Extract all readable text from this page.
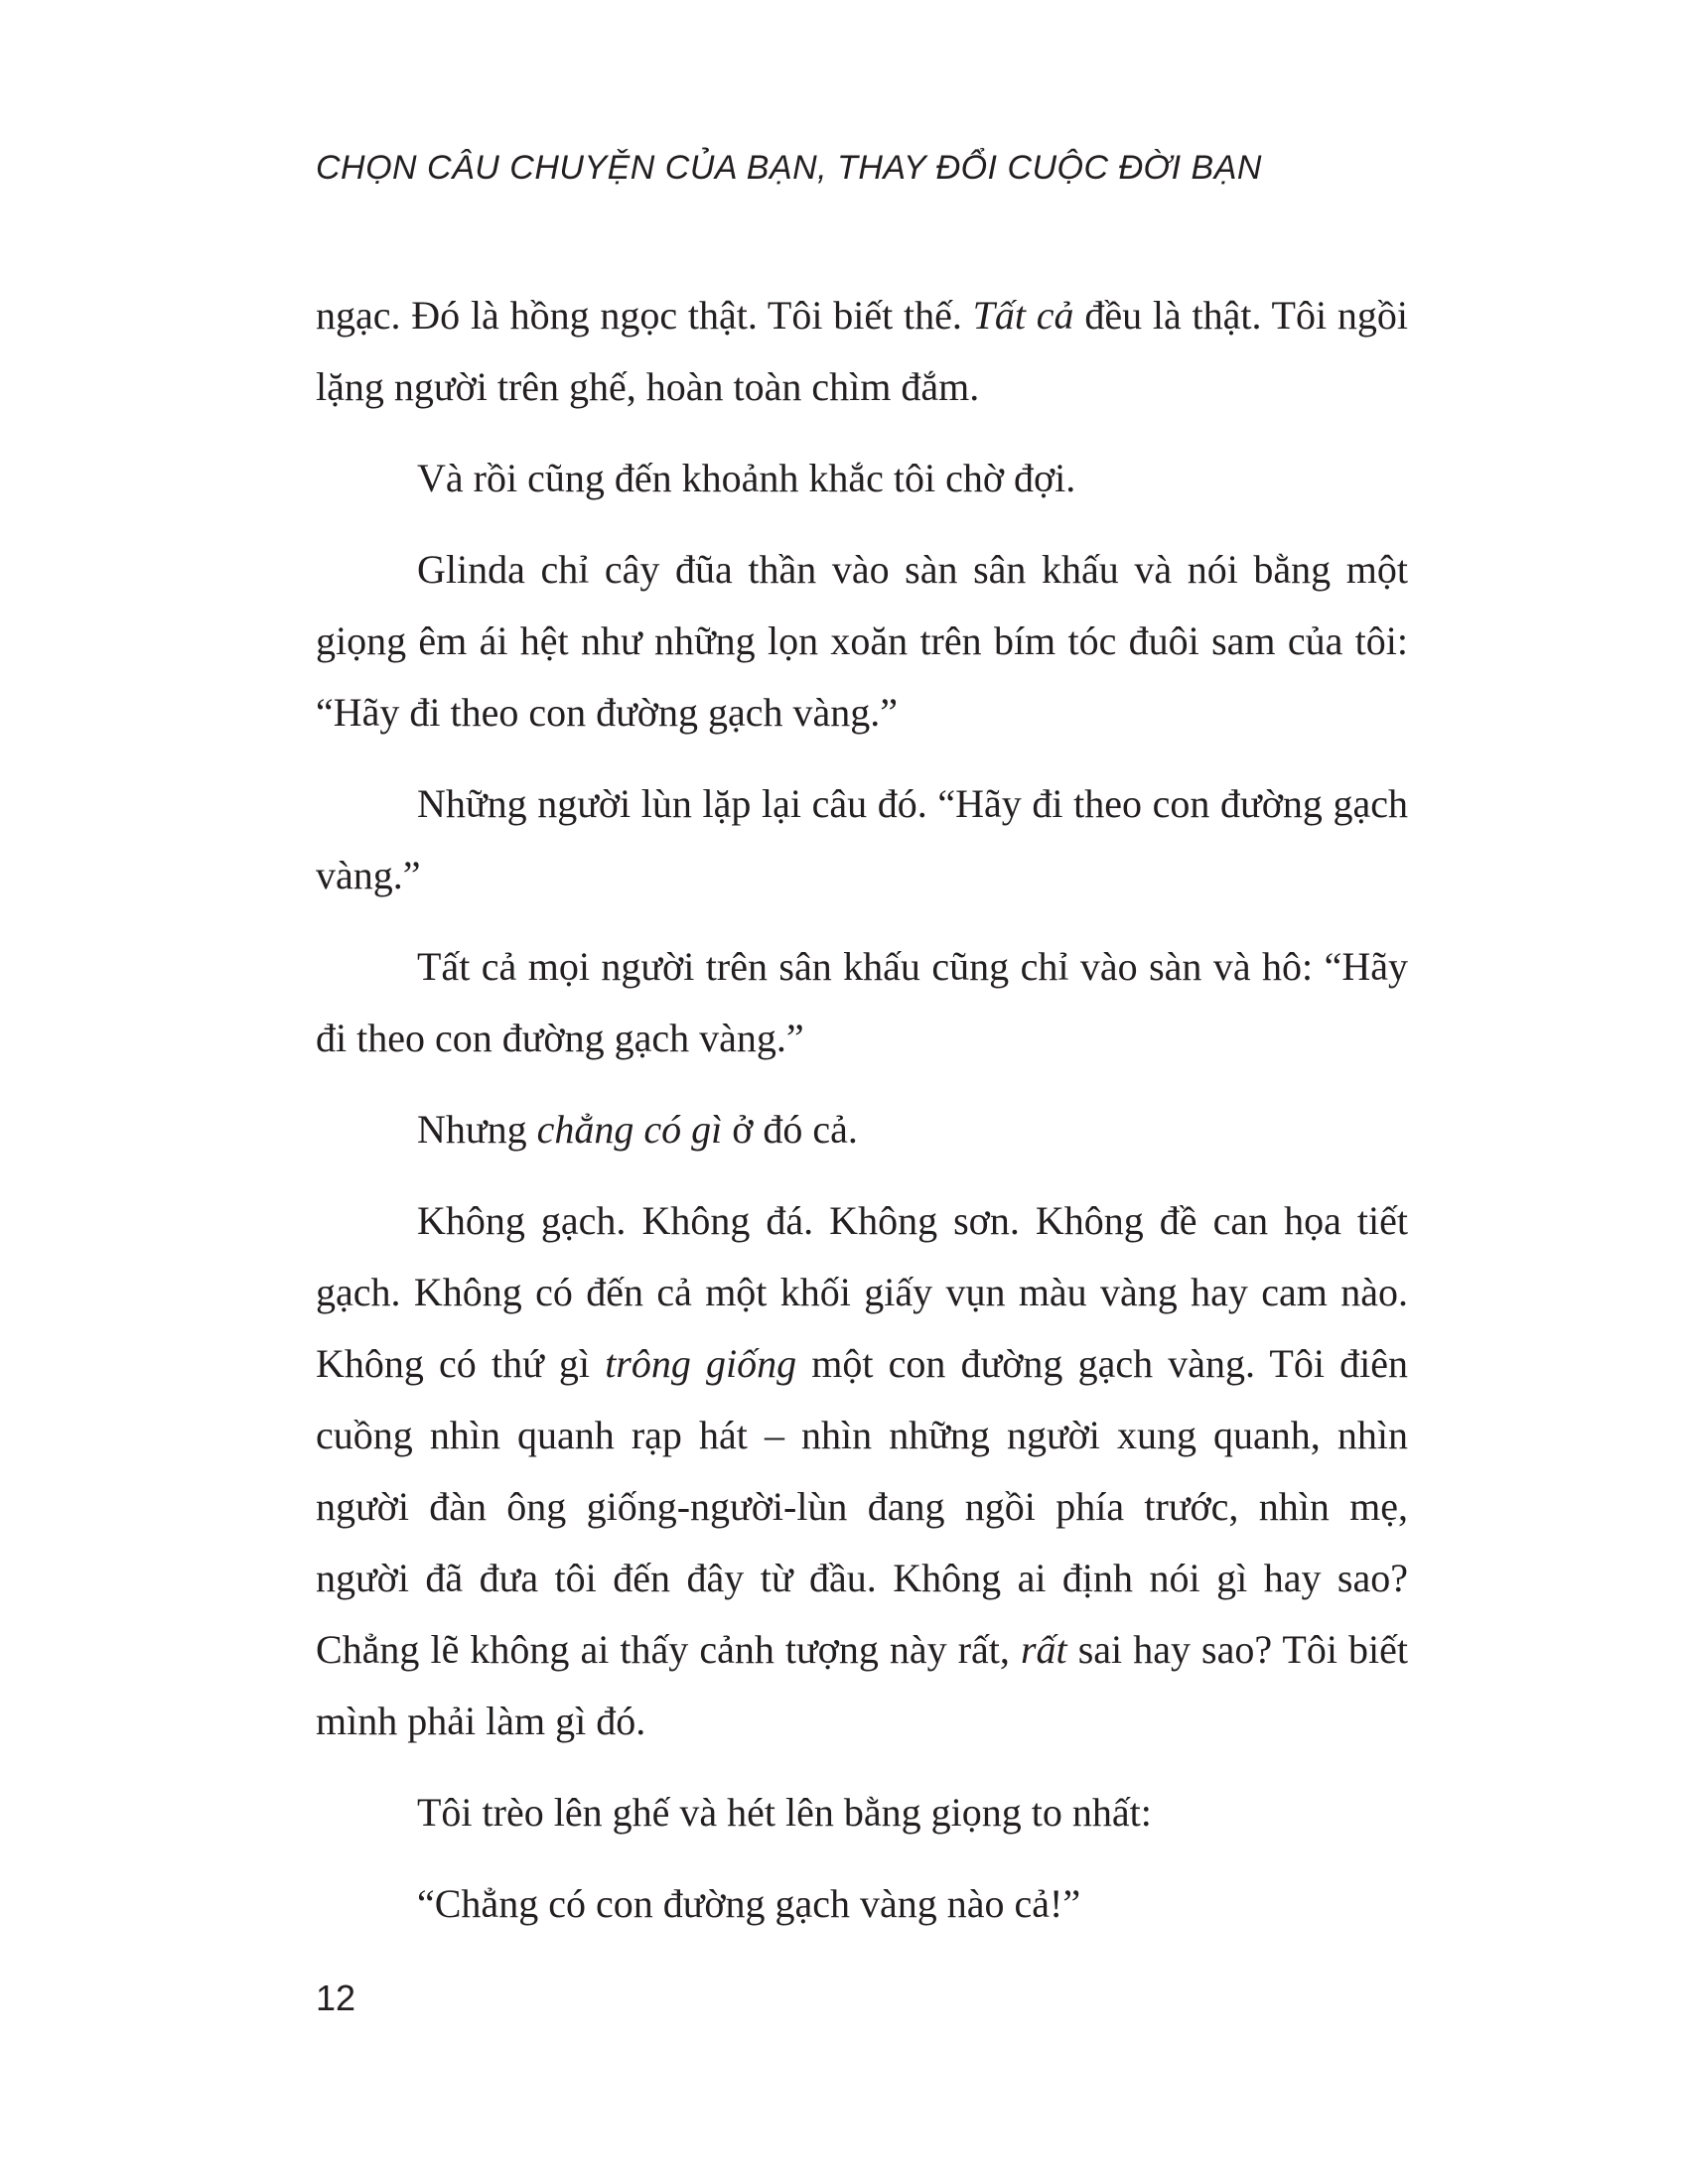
CHỌN CÂU CHUYỆN CỦA BẠN, THAY ĐỔI CUỘC ĐỜI BẠN

ngạc. Đó là hồng ngọc thật. Tôi biết thế. Tất cả đều là thật. Tôi ngồi lặng người trên ghế, hoàn toàn chìm đắm.

Và rồi cũng đến khoảnh khắc tôi chờ đợi.

Glinda chỉ cây đũa thần vào sàn sân khấu và nói bằng một giọng êm ái hệt như những lọn xoăn trên bím tóc đuôi sam của tôi: “Hãy đi theo con đường gạch vàng.”

Những người lùn lặp lại câu đó. “Hãy đi theo con đường gạch vàng.”

Tất cả mọi người trên sân khấu cũng chỉ vào sàn và hô: “Hãy đi theo con đường gạch vàng.”

Nhưng chẳng có gì ở đó cả.

Không gạch. Không đá. Không sơn. Không đề can họa tiết gạch. Không có đến cả một khối giấy vụn màu vàng hay cam nào. Không có thứ gì trông giống một con đường gạch vàng. Tôi điên cuồng nhìn quanh rạp hát – nhìn những người xung quanh, nhìn người đàn ông giống-người-lùn đang ngồi phía trước, nhìn mẹ, người đã đưa tôi đến đây từ đầu. Không ai định nói gì hay sao? Chẳng lẽ không ai thấy cảnh tượng này rất, rất sai hay sao? Tôi biết mình phải làm gì đó.

Tôi trèo lên ghế và hét lên bằng giọng to nhất:

“Chẳng có con đường gạch vàng nào cả!”

12
